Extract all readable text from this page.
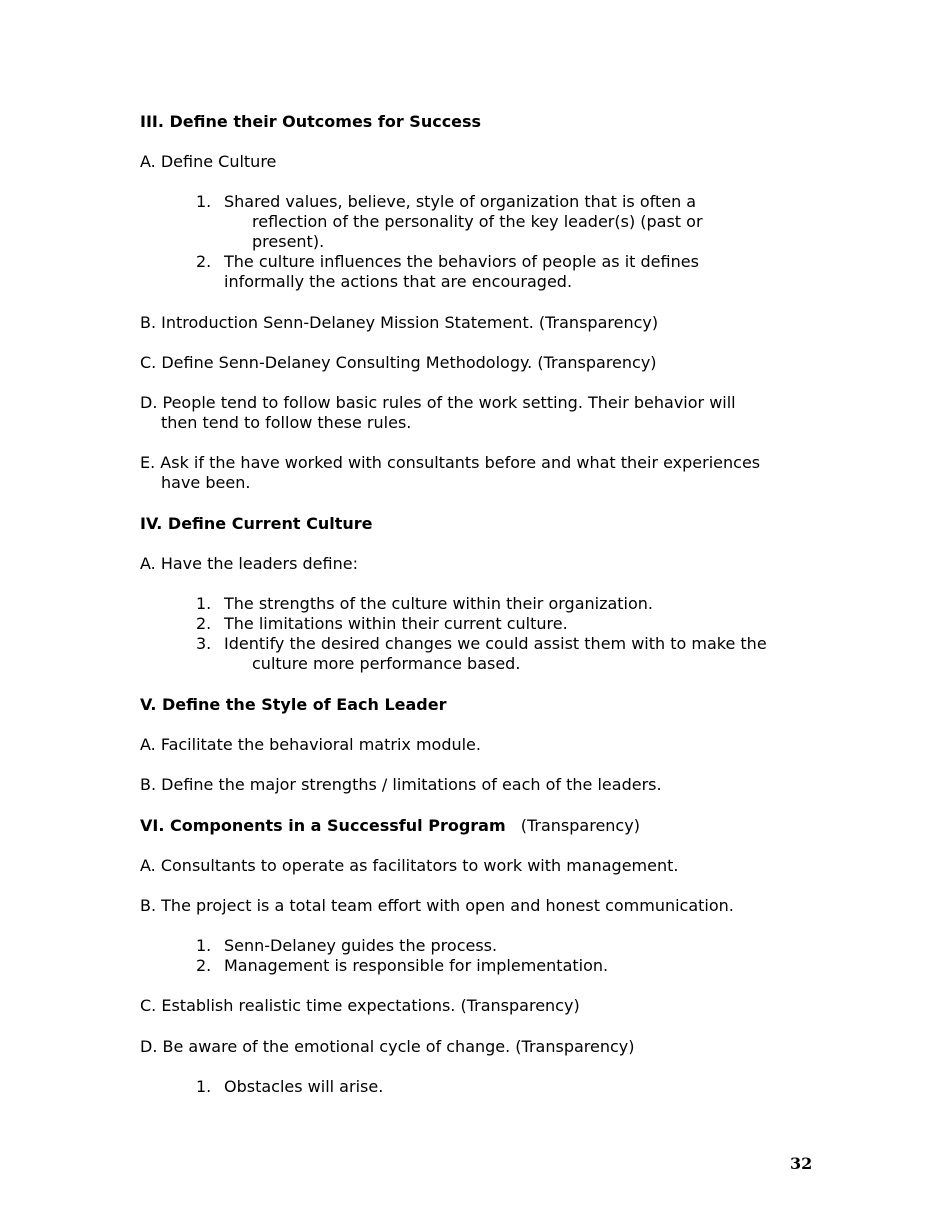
III. Define their Outcomes for Success
A. Define Culture
1. Shared values, believe, style of organization that is often a
reflection of the personality of the key leader(s) (past or
present).
2. The culture influences the behaviors of people as it defines
informally the actions that are encouraged.
B. Introduction Senn-Delaney Mission Statement. (Transparency)
C. Define Senn-Delaney Consulting Methodology. (Transparency)
D. People tend to follow basic rules of the work setting. Their behavior will
then tend to follow these rules.
E. Ask if the have worked with consultants before and what their experiences
have been.
IV. Define Current Culture
A. Have the leaders define:
1. The strengths of the culture within their organization.
2. The limitations within their current culture.
3. Identify the desired changes we could assist them with to make the
culture more performance based.
V. Define the Style of Each Leader
A. Facilitate the behavioral matrix module.
B. Define the major strengths / limitations of each of the leaders.
VI. Components in a Successful Program (Transparency)
A. Consultants to operate as facilitators to work with management.
B. The project is a total team effort with open and honest communication.
1. Senn-Delaney guides the process.
2. Management is responsible for implementation.
C. Establish realistic time expectations. (Transparency)
D. Be aware of the emotional cycle of change. (Transparency)
1. Obstacles will arise.
32
